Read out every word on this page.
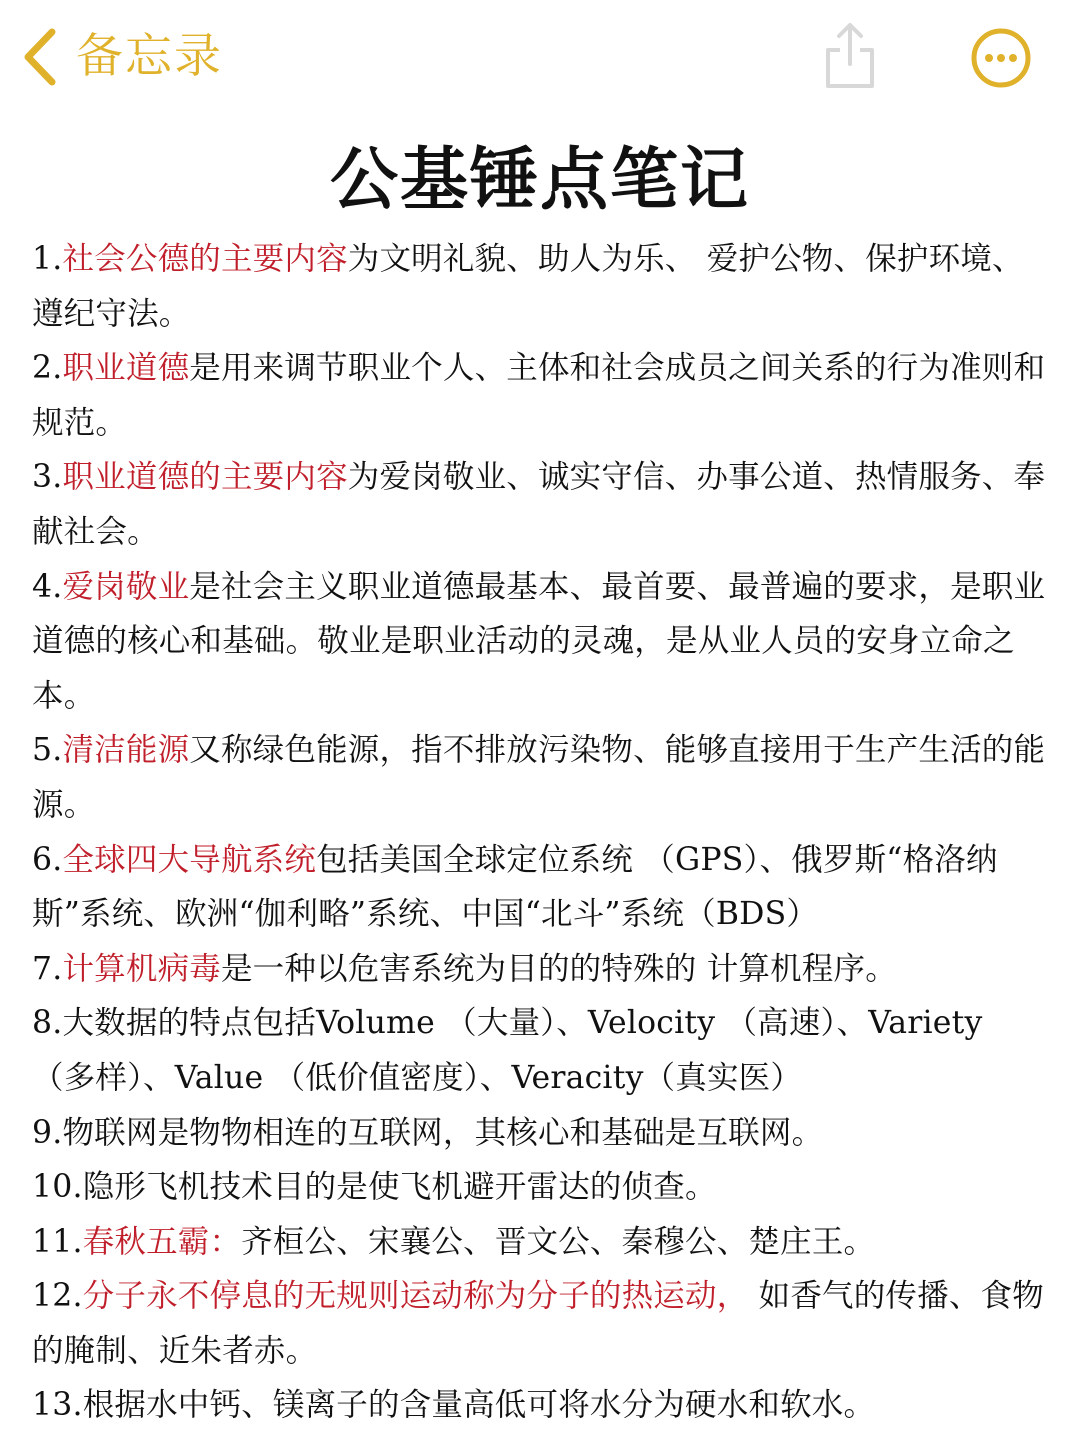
备忘录
公基锤点笔记

1.社会公德的主要内容为文明礼貌、助人为乐、 爱护公物、保护环境、遵纪守法。

2.职业道德是用来调节职业个人、主体和社会成员之间关系的行为准则和规范。

3.职业道德的主要内容为爱岗敬业、诚实守信、办事公道、热情服务、奉献社会。

4.爱岗敬业是社会主义职业道德最基本、最首要、最普遍的要求，是职业道德的核心和基础。敬业是职业活动的灵魂，是从业人员的安身立命之本。

5.清洁能源又称绿色能源，指不排放污染物、能够直接用于生产生活的能源。

6.全球四大导航系统包括美国全球定位系统 （GPS）、俄罗斯“格洛纳斯”系统、欧洲“伽利略”系统、中国“北斗”系统（BDS）

7.计算机病毒是一种以危害系统为目的的特殊的 计算机程序。

8.大数据的特点包括Volume （大量）、Velocity （高速）、Variety （多样）、Value （低价值密度）、Veracity（真实医）

9.物联网是物物相连的互联网，其核心和基础是互联网。

10.隐形飞机技术目的是使飞机避开雷达的侦查。

11.春秋五霸：齐桓公、宋襄公、晋文公、秦穆公、楚庄王。

12.分子永不停息的无规则运动称为分子的热运动， 如香气的传播、食物的腌制、近朱者赤。

13.根据水中钙、镁离子的含量高低可将水分为硬水和软水。
